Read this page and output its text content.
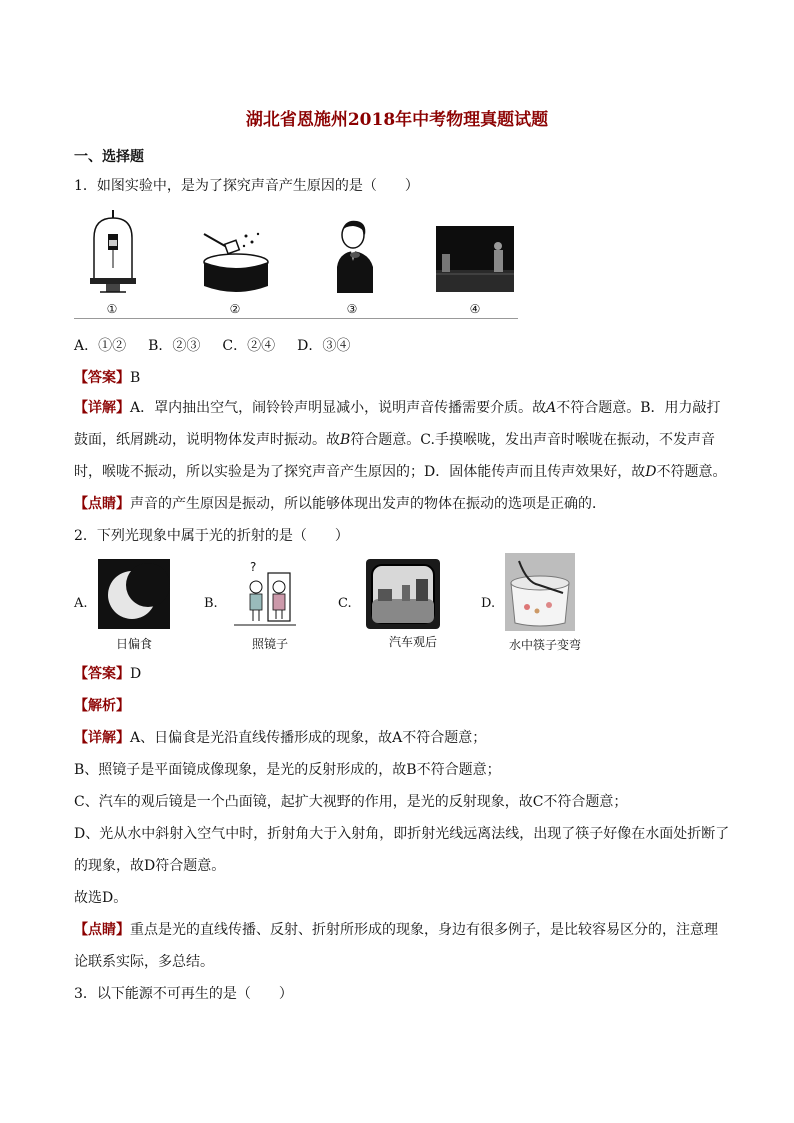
湖北省恩施州2018年中考物理真题试题
一、选择题
1．如图实验中，是为了探究声音产生原因的是（　　）
①	②	③	④
A．①② B．②③ C．②④ D．③④
【答案】B
【详解】A．罩内抽出空气，闹铃铃声明显减小，说明声音传播需要介质。故A不符合题意。B．用力敲打
鼓面，纸屑跳动，说明物体发声时振动。故B符合题意。C.手摸喉咙，发出声音时喉咙在振动，不发声音
时，喉咙不振动，所以实验是为了探究声音产生原因的；D．固体能传声而且传声效果好，故D不符题意。
【点睛】声音的产生原因是振动，所以能够体现出发声的物体在振动的选项是正确的．
2．下列光现象中属于光的折射的是（　　）
A.
日偏食
B.
?
照镜子
C.
汽车观后
D.
水中筷子变弯
【答案】D
【解析】
【详解】A、日偏食是光沿直线传播形成的现象，故A不符合题意；
B、照镜子是平面镜成像现象，是光的反射形成的，故B不符合题意；
C、汽车的观后镜是一个凸面镜，起扩大视野的作用，是光的反射现象，故C不符合题意；
D、光从水中斜射入空气中时，折射角大于入射角，即折射光线远离法线，出现了筷子好像在水面处折断了
的现象，故D符合题意。
故选D。
【点睛】重点是光的直线传播、反射、折射所形成的现象，身边有很多例子，是比较容易区分的，注意理
论联系实际，多总结。
3．以下能源不可再生的是（　　）
